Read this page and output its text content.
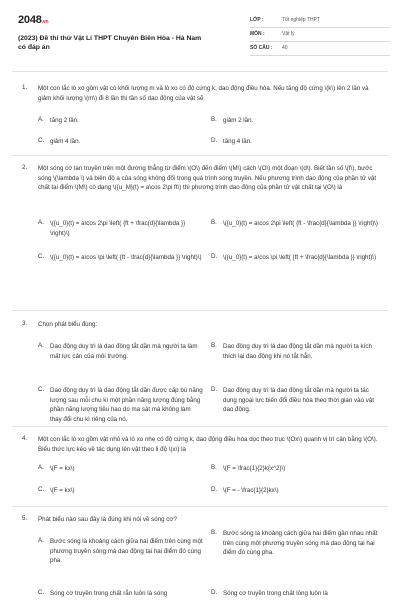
2048.vn
(2023) Đề thi thử Vật Lí THPT Chuyên Biên Hòa - Hà Nam có đáp án
LỚP :	Tốt nghiệp THPT
MÔN :	Vật lý
SỐ CÂU :	40
1. Một con lắc lò xo gồm vật có khối lượng m và lò xo có độ cứng k, dao động điều hòa. Nếu tăng độ cứng \(k\) lên 2 lần và giảm khối lượng \(m\) đi 8 lần thì tần số dao động của vật sẽ
A. tăng 2 lần.	B. giảm 2 lần.
C. giảm 4 lần.	D. tăng 4 lần.
2. Một sóng cơ lan truyền trên một đường thẳng từ điểm \(O\) đến điểm \(M\) cách \(O\) một đoạn \(d\). Biết tần số \(f\), bước sóng \(\lambda \) và biên độ a của sóng không đổi trong quá trình sóng truyền. Nếu phương trình dao động của phần tử vật chất tại điểm \(M\) có dạng \({u_M}(t) = a\cos 2\pi ft\) thì phương trình dao động của phần tử vật chất tại \(O\) là
A. \({u_0}(t) = a\cos 2\pi \left( {ft + \frac{d}{\lambda }} \right)\)
B. \({u_0}(t) = a\cos 2\pi \left( {ft - \frac{d}{\lambda }} \right)\)
C. \({u_0}(t) = a\cos \pi \left( {ft - \frac{d}{\lambda }} \right)\) D. \({u_0}(t) = a\cos \pi \left( {ft + \frac{d}{\lambda }} \right)\)
3. Chọn phát biểu đúng:
A. Dao động duy trì là dao động tắt dần mà người ta làm mất lực cản của môi trường.
B. Dao động duy trì là dao động tắt dần mà người ta kích thích lại dao động khi nó tắt hẳn.
C. Dao động duy trì là dao động tắt dần được cấp bù năng lượng sau mỗi chu kì một phần năng lượng đúng bằng phần năng lượng tiêu hao do ma sát mà không làm thay đổi chu kì riêng của nó.
D. Dao động duy trì là dao động tắt dần mà người ta tác dụng ngoại lực biến đổi điều hòa theo thời gian vào vật dao động.
4. Một con lắc lò xo gồm vật nhỏ và lò xo nhẹ có độ cứng k, dao động điều hòa dọc theo trục \(Ox\) quanh vị trí cân bằng \(O\). Biểu thức lực kéo về tác dụng lên vật theo li độ \(x\) là
A. \(F = kx\)	B. \(F = \frac{1}{2}k{x^2}\)
C. \(F = kx\)	D. \(F = - \frac{1}{2}kx\)
5. Phát biểu nào sau đây là đúng khi nói về sóng cơ?
A. Bước sóng là khoảng cách giữa hai điểm trên cùng một phương truyền sóng mà dao động tại hai điểm đó cùng pha.
B. Bước sóng là khoảng cách giữa hai điểm gần nhau nhất trên cùng một phương truyền sóng mà dao động tại hai điểm đó cùng pha.
C. Sóng cơ truyền trong chất rắn luôn là sóng	D. Sóng cơ truyền trong chất lỏng luôn là
